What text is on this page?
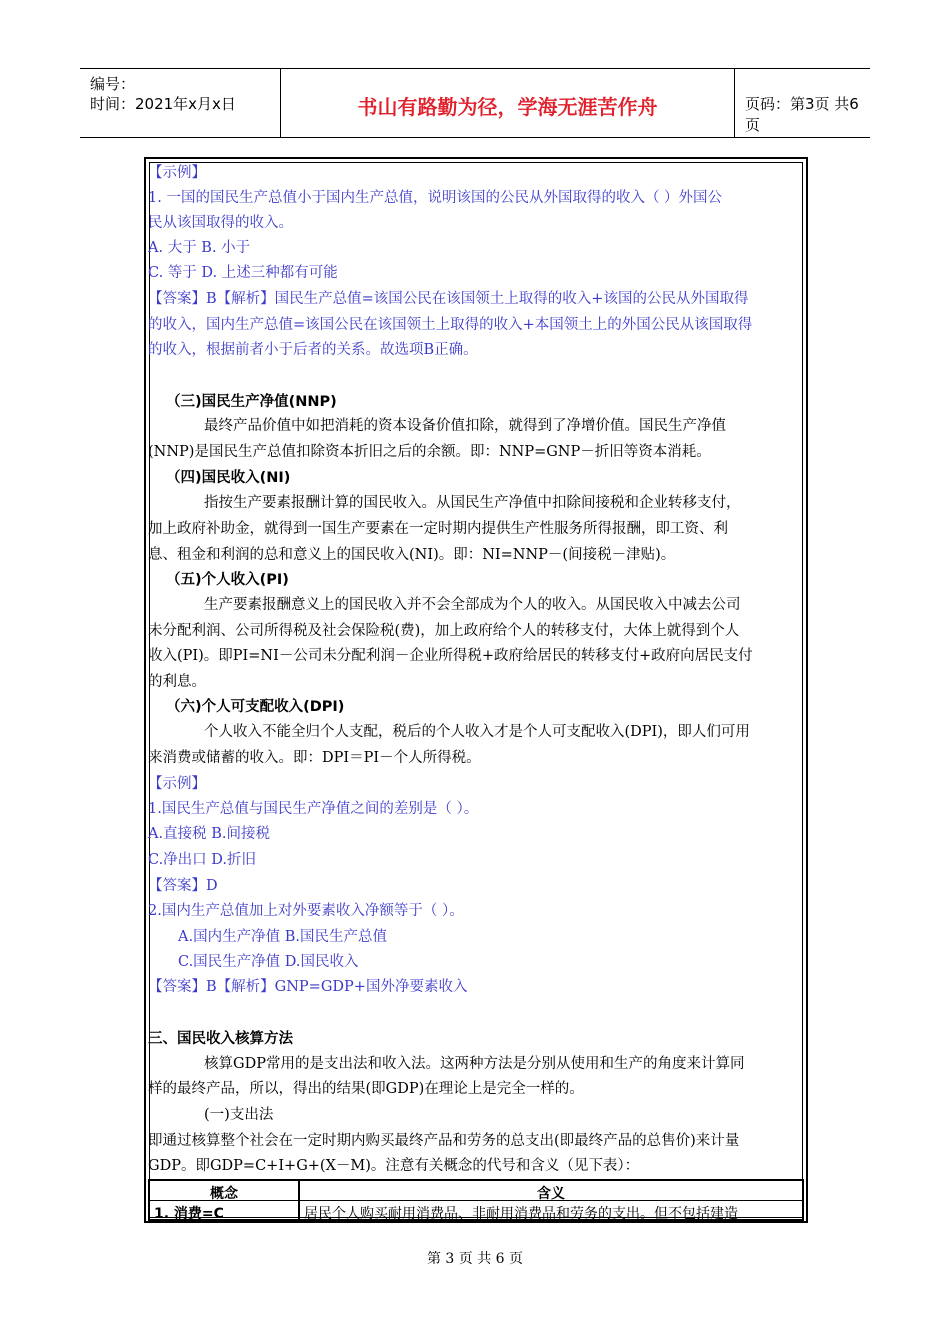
编号：
时间：2021年x月x日	书山有路勤为径，学海无涯苦作舟	页码：第3页 共6页
【示例】
1. 一国的国民生产总值小于国内生产总值，说明该国的公民从外国取得的收入（ ）外国公
民从该国取得的收入。
A. 大于 B. 小于
C. 等于 D. 上述三种都有可能
【答案】B【解析】国民生产总值=该国公民在该国领土上取得的收入+该国的公民从外国取得
的收入，国内生产总值=该国公民在该国领土上取得的收入+本国领土上的外国公民从该国取得
的收入，根据前者小于后者的关系。故选项B正确。
（三)国民生产净值(NNP)
最终产品价值中如把消耗的资本设备价值扣除，就得到了净增价值。国民生产净值
(NNP)是国民生产总值扣除资本折旧之后的余额。即：NNP=GNP－折旧等资本消耗。
（四)国民收入(NI)
指按生产要素报酬计算的国民收入。从国民生产净值中扣除间接税和企业转移支付，
加上政府补助金，就得到一国生产要素在一定时期内提供生产性服务所得报酬，即工资、利
息、租金和利润的总和意义上的国民收入(NI)。即：NI=NNP－(间接税－津贴)。
（五)个人收入(PI)
生产要素报酬意义上的国民收入并不会全部成为个人的收入。从国民收入中减去公司
未分配利润、公司所得税及社会保险税(费)，加上政府给个人的转移支付，大体上就得到个人
收入(PI)。即PI=NI－公司未分配利润－企业所得税+政府给居民的转移支付+政府向居民支付
的利息。
（六)个人可支配收入(DPI)
个人收入不能全归个人支配，税后的个人收入才是个人可支配收入(DPI)，即人们可用
来消费或储蓄的收入。即：DPI＝PI－个人所得税。
【示例】
1.国民生产总值与国民生产净值之间的差别是（ ）。
A.直接税 B.间接税
C.净出口 D.折旧
【答案】D
2.国内生产总值加上对外要素收入净额等于（ ）。
A.国内生产净值 B.国民生产总值
C.国民生产净值 D.国民收入
【答案】B【解析】GNP=GDP+国外净要素收入
三、国民收入核算方法
核算GDP常用的是支出法和收入法。这两种方法是分别从使用和生产的角度来计算同
样的最终产品，所以，得出的结果(即GDP)在理论上是完全一样的。
(一)支出法
即通过核算整个社会在一定时期内购买最终产品和劳务的总支出(即最终产品的总售价)来计量
GDP。即GDP=C+I+G+(X－M)。注意有关概念的代号和含义（见下表）：
概念	含义
1. 消费=C	居民个人购买耐用消费品、非耐用消费品和劳务的支出。但不包括建造
第 3 页 共 6 页
